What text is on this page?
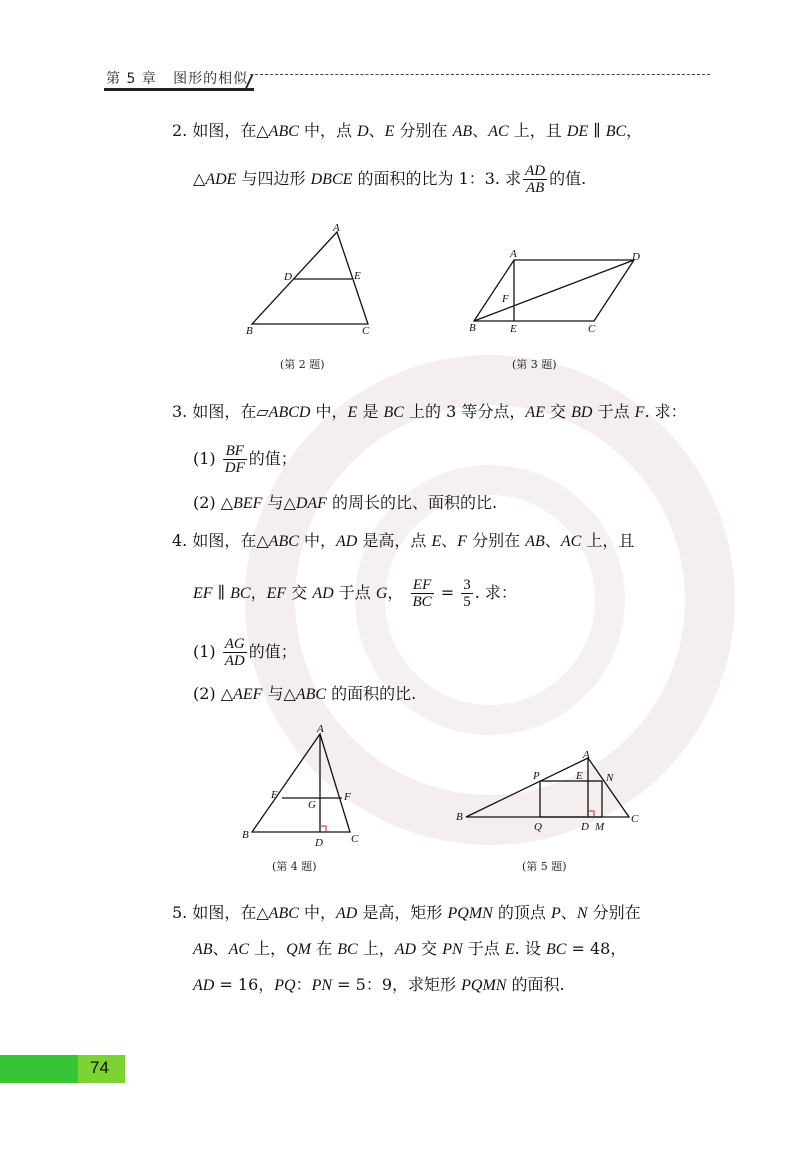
第 5 章 图形的相似
2. 如图，在△ABC 中，点 D、E 分别在 AB、AC 上，且 DE ∥ BC，
△ADE 与四边形 DBCE 的面积的比为 1：3. 求 $\frac{AD}{AB}$ 的值.
A
D	E
B	C
(第 2 题)
A	D
F
B	E	C
(第 3 题)
3. 如图，在▱ABCD 中，E 是 BC 上的 3 等分点，AE 交 BD 于点 F. 求：
$(1) \frac{BF}{DF}$ 的值；
(2) △BEF 与△DAF 的周长的比、面积的比.
4. 如图，在△ABC 中，AD 是高，点 E、F 分别在 AB、AC 上，且
EF ∥ BC，EF 交 AD 于点 G， $\frac{EF}{BC} = \frac{3}{5}$ . 求：
$(1) \frac{AG}{AD}$ 的值；
(2) △AEF 与△ABC 的面积的比.
A
E
G
F
B
D	C
(第 4 题)
A
P	E N
B
Q	D M
C
(第 5 题)
5. 如图，在△ABC 中，AD 是高，矩形 PQMN 的顶点 P、N 分别在
AB、AC 上，QM 在 BC 上，AD 交 PN 于点 E. 设 BC = 48，
AD = 16，PQ：PN = 5：9，求矩形 PQMN 的面积.
74
